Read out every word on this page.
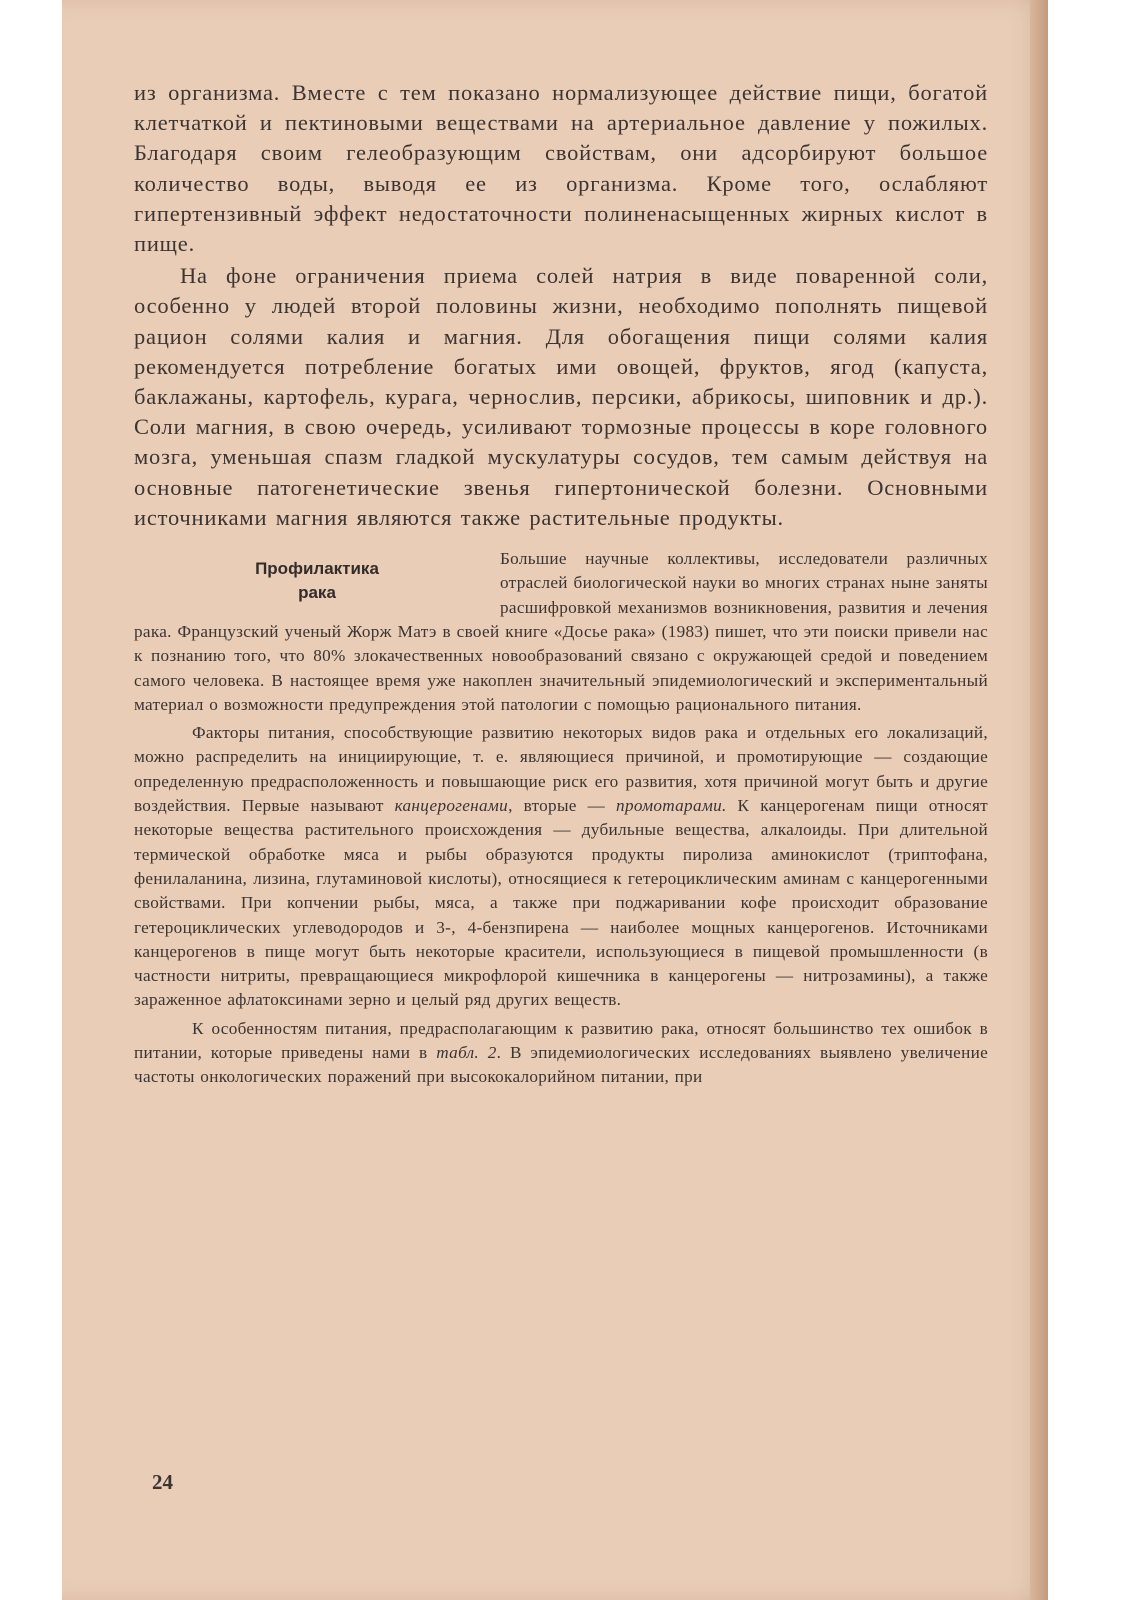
из организма. Вместе с тем показано нормализующее действие пищи, богатой клетчаткой и пектиновыми веществами на артериальное давление у пожилых. Благодаря своим гелеобразующим свойствам, они адсорбируют большое количество воды, выводя ее из организма. Кроме того, ослабляют гипертензивный эффект недостаточности полиненасыщенных жирных кислот в пище.

На фоне ограничения приема солей натрия в виде поваренной соли, особенно у людей второй половины жизни, необходимо пополнять пищевой рацион солями калия и магния. Для обогащения пищи солями калия рекомендуется потребление богатых ими овощей, фруктов, ягод (капуста, баклажаны, картофель, курага, чернослив, персики, абрикосы, шиповник и др.). Соли магния, в свою очередь, усиливают тормозные процессы в коре головного мозга, уменьшая спазм гладкой мускулатуры сосудов, тем самым действуя на основные патогенетические звенья гипертонической болезни. Основными источниками магния являются также растительные продукты.

Профилактика
рака

Большие научные коллективы, исследователи различных отраслей биологической науки во многих странах ныне заняты расшифровкой механизмов возникновения, развития и лечения рака. Французский ученый Жорж Матэ в своей книге «Досье рака» (1983) пишет, что эти поиски привели нас к познанию того, что 80% злокачественных новообразований связано с окружающей средой и поведением самого человека. В настоящее время уже накоплен значительный эпидемиологический и экспериментальный материал о возможности предупреждения этой патологии с помощью рационального питания.

Факторы питания, способствующие развитию некоторых видов рака и отдельных его локализаций, можно распределить на инициирующие, т. е. являющиеся причиной, и промотирующие — создающие определенную предрасположенность и повышающие риск его развития, хотя причиной могут быть и другие воздействия. Первые называют канцерогенами, вторые — промотарами. К канцерогенам пищи относят некоторые вещества растительного происхождения — дубильные вещества, алкалоиды. При длительной термической обработке мяса и рыбы образуются продукты пиролиза аминокислот (триптофана, фенилаланина, лизина, глутаминовой кислоты), относящиеся к гетероциклическим аминам с канцерогенными свойствами. При копчении рыбы, мяса, а также при поджаривании кофе происходит образование гетероциклических углеводородов и 3-, 4-бензпирена — наиболее мощных канцерогенов. Источниками канцерогенов в пище могут быть некоторые красители, использующиеся в пищевой промышленности (в частности нитриты, превращающиеся микрофлорой кишечника в канцерогены — нитрозамины), а также зараженное афлатоксинами зерно и целый ряд других веществ.

К особенностям питания, предрасполагающим к развитию рака, относят большинство тех ошибок в питании, которые приведены нами в табл. 2. В эпидемиологических исследованиях выявлено увеличение частоты онкологических поражений при высококалорийном питании, при

24
